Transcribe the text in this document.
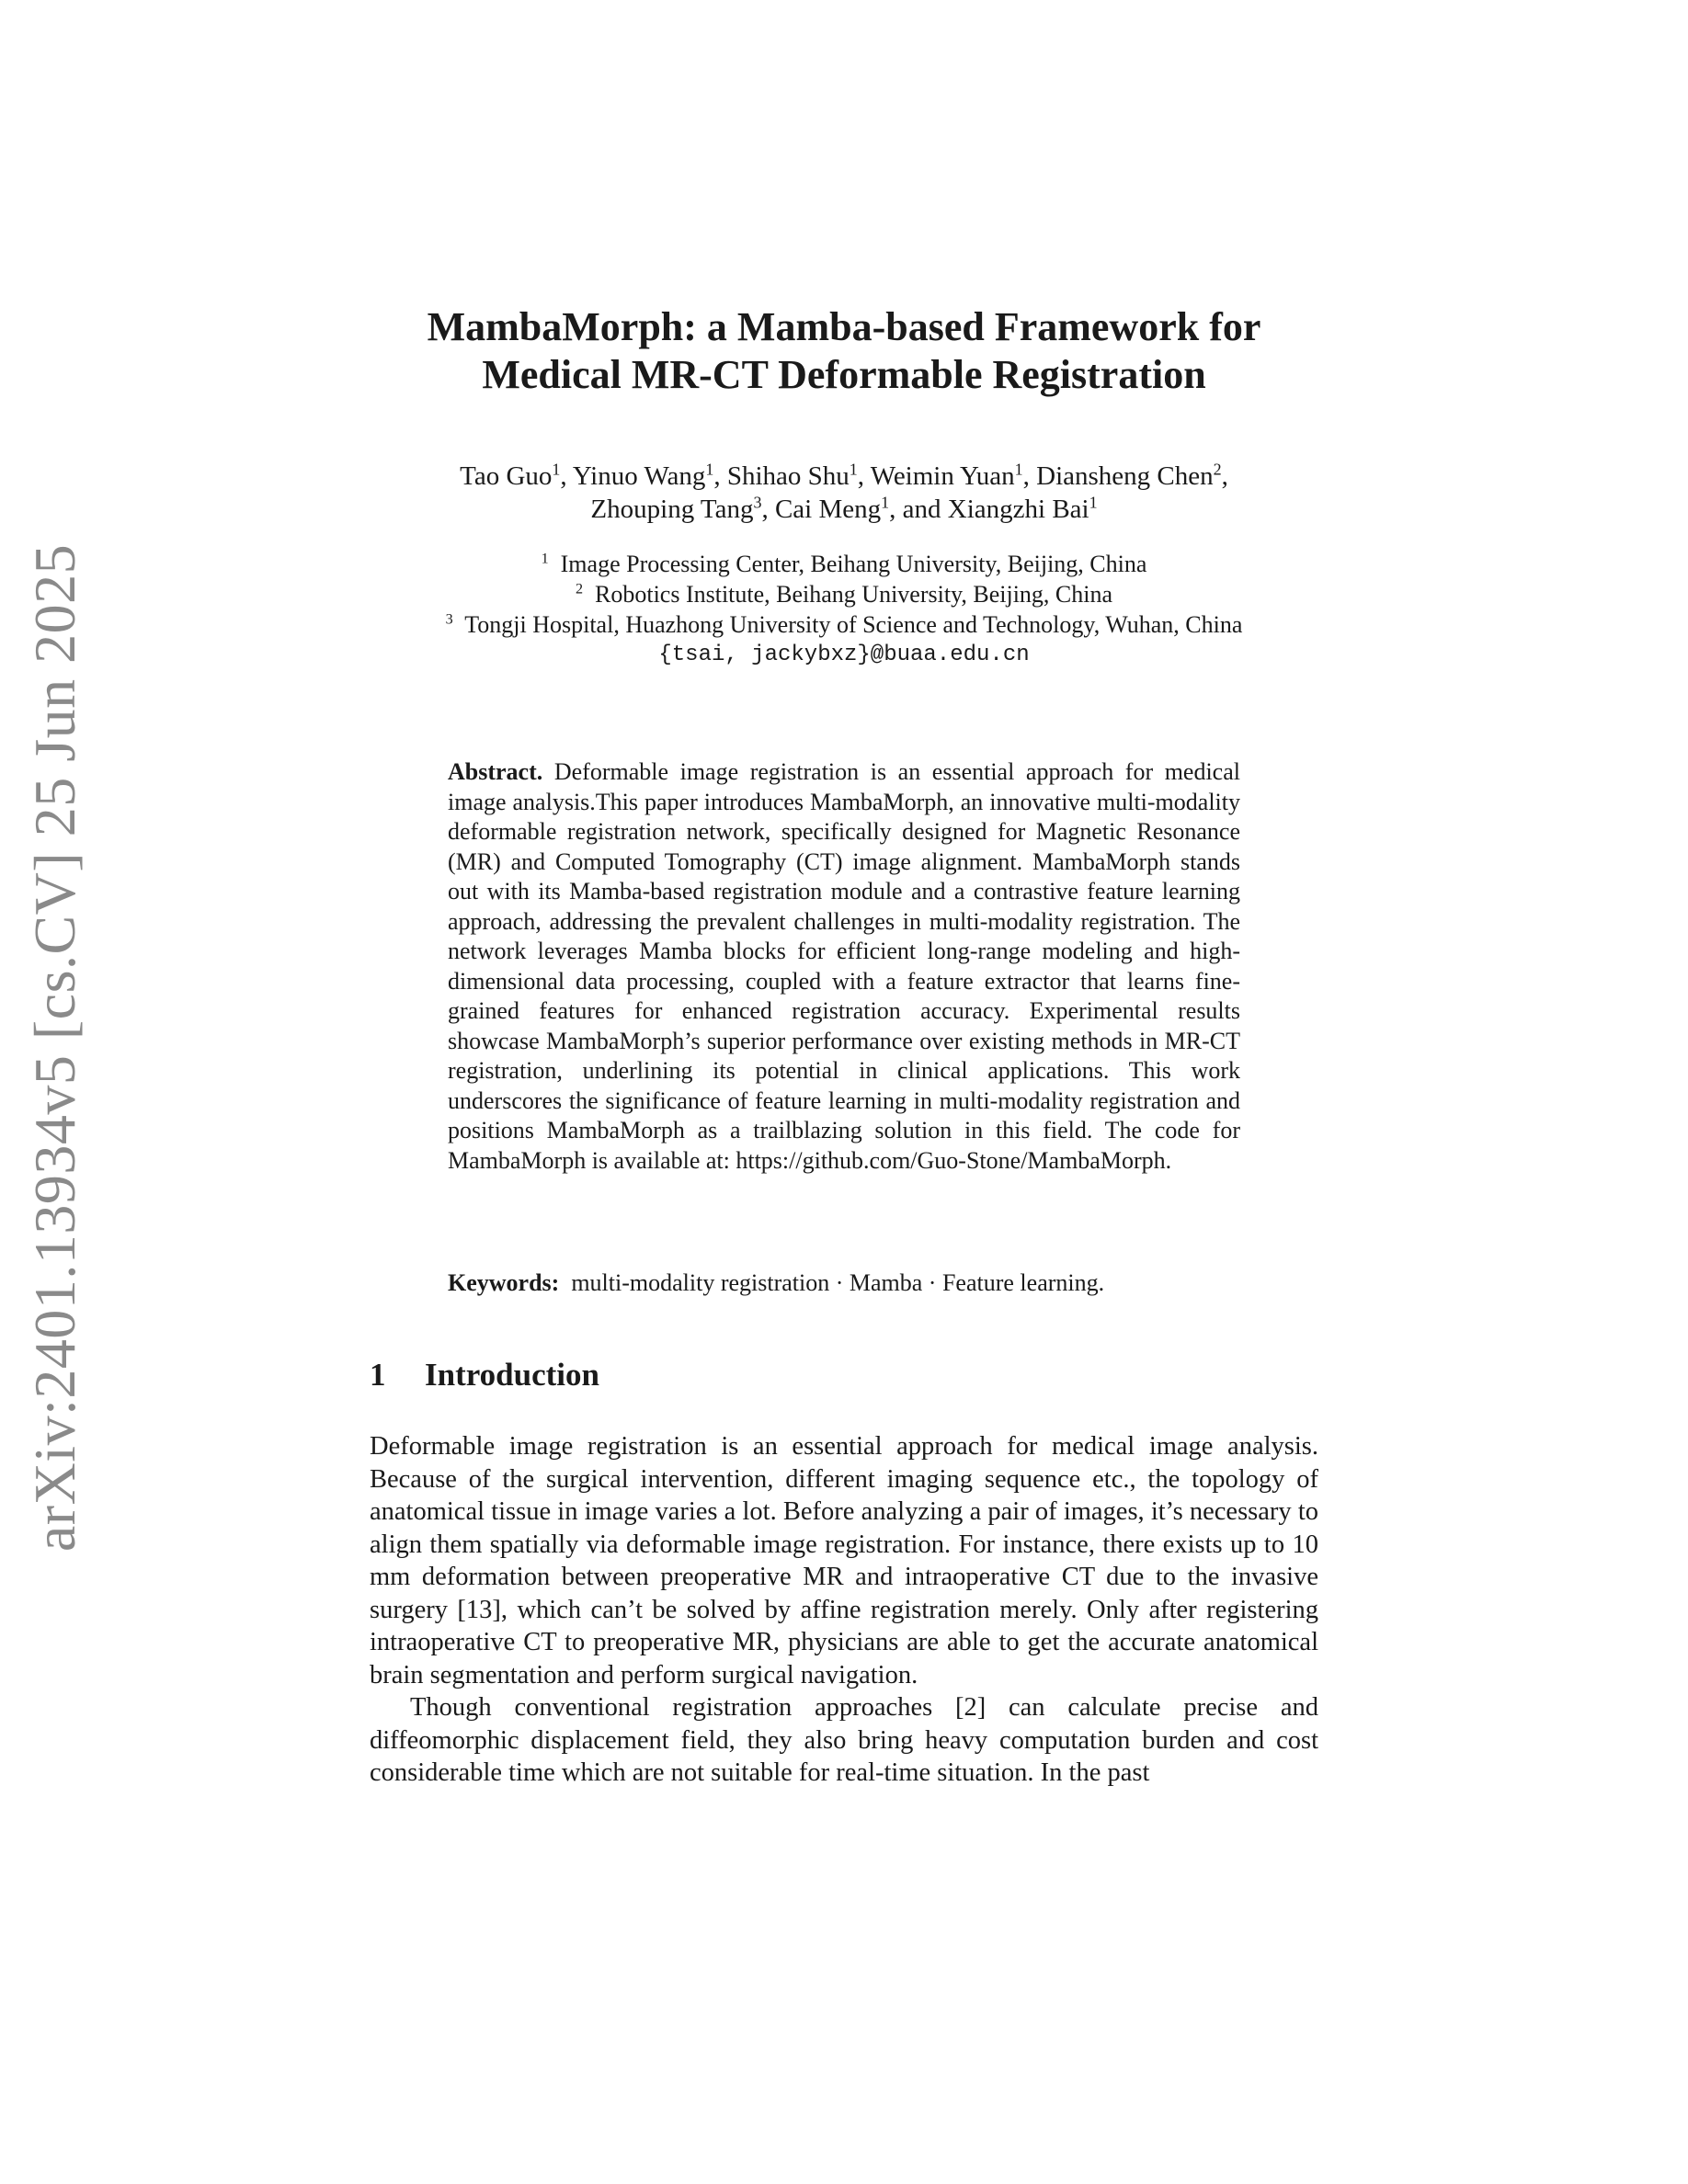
arXiv:2401.13934v5 [cs.CV] 25 Jun 2025
MambaMorph: a Mamba-based Framework for
Medical MR-CT Deformable Registration
Tao Guo$^1$, Yinuo Wang$^1$, Shihao Shu$^1$, Weimin Yuan$^1$, Diansheng Chen$^2$,
Zhouping Tang$^3$, Cai Meng$^1$, and Xiangzhi Bai$^1$
$^1$ Image Processing Center, Beihang University, Beijing, China
$^2$ Robotics Institute, Beihang University, Beijing, China
$^3$ Tongji Hospital, Huazhong University of Science and Technology, Wuhan, China
{tsai, jackybxz}@buaa.edu.cn
Abstract. Deformable image registration is an essential approach for medical image analysis.This paper introduces MambaMorph, an innovative multi-modality deformable registration network, specifically designed for Magnetic Resonance (MR) and Computed Tomography (CT) image alignment. MambaMorph stands out with its Mamba-based registration module and a contrastive feature learning approach, addressing the prevalent challenges in multi-modality registration. The network leverages Mamba blocks for efficient long-range modeling and high-dimensional data processing, coupled with a feature extractor that learns fine-grained features for enhanced registration accuracy. Experimental results showcase MambaMorph’s superior performance over existing methods in MR-CT registration, underlining its potential in clinical applications. This work underscores the significance of feature learning in multi-modality registration and positions MambaMorph as a trailblazing solution in this field. The code for MambaMorph is available at: https://github.com/Guo-Stone/MambaMorph.
Keywords: multi-modality registration · Mamba · Feature learning.
1 Introduction

Deformable image registration is an essential approach for medical image analysis. Because of the surgical intervention, different imaging sequence etc., the topology of anatomical tissue in image varies a lot. Before analyzing a pair of images, it’s necessary to align them spatially via deformable image registration. For instance, there exists up to 10 mm deformation between preoperative MR and intraoperative CT due to the invasive surgery [13], which can’t be solved by affine registration merely. Only after registering intraoperative CT to preoperative MR, physicians are able to get the accurate anatomical brain segmentation and perform surgical navigation.

Though conventional registration approaches [2] can calculate precise and diffeomorphic displacement field, they also bring heavy computation burden and cost considerable time which are not suitable for real-time situation. In the past
